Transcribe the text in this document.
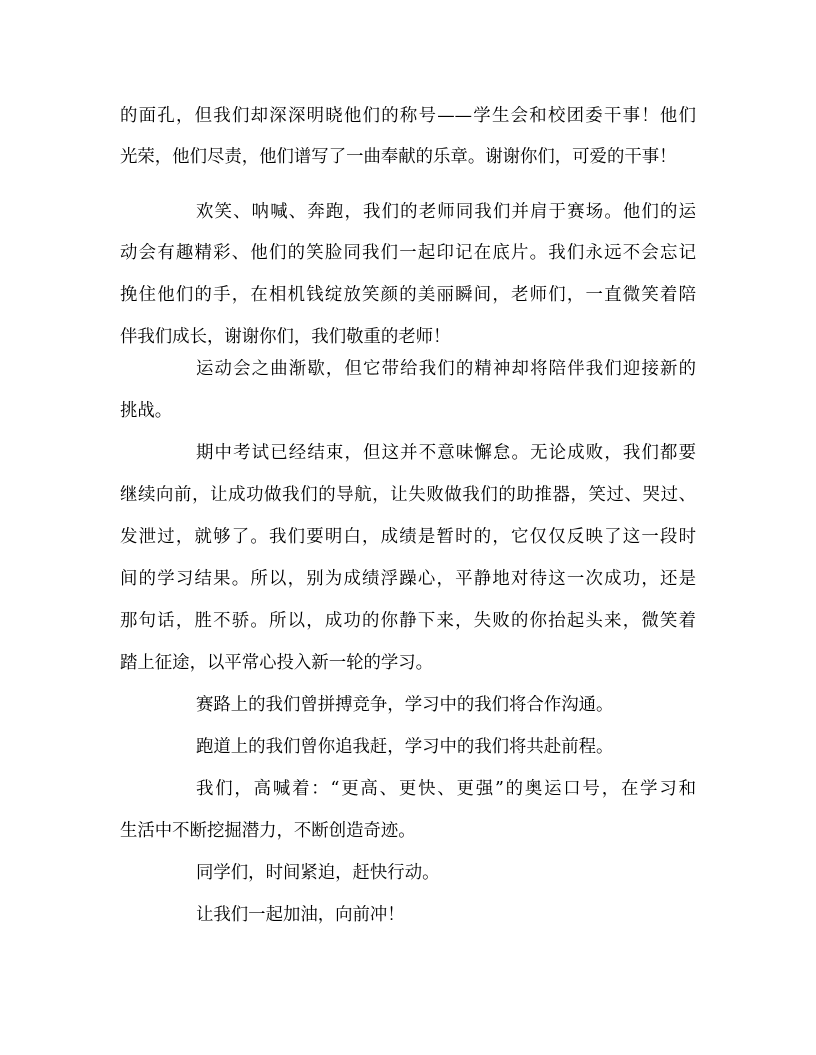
的面孔，但我们却深深明晓他们的称号——学生会和校团委干事！他们
光荣，他们尽责，他们谱写了一曲奉献的乐章。谢谢你们，可爱的干事！
欢笑、呐喊、奔跑，我们的老师同我们并肩于赛场。他们的运
动会有趣精彩、他们的笑脸同我们一起印记在底片。我们永远不会忘记
挽住他们的手，在相机钱绽放笑颜的美丽瞬间，老师们，一直微笑着陪
伴我们成长，谢谢你们，我们敬重的老师！
运动会之曲渐歇，但它带给我们的精神却将陪伴我们迎接新的
挑战。
期中考试已经结束，但这并不意味懈怠。无论成败，我们都要
继续向前，让成功做我们的导航，让失败做我们的助推器，笑过、哭过、
发泄过，就够了。我们要明白，成绩是暂时的，它仅仅反映了这一段时
间的学习结果。所以，别为成绩浮躁心，平静地对待这一次成功，还是
那句话，胜不骄。所以，成功的你静下来，失败的你抬起头来，微笑着
踏上征途，以平常心投入新一轮的学习。
赛路上的我们曾拼搏竞争，学习中的我们将合作沟通。
跑道上的我们曾你追我赶，学习中的我们将共赴前程。
我们，高喊着：“更高、更快、更强”的奥运口号，在学习和
生活中不断挖掘潜力，不断创造奇迹。
同学们，时间紧迫，赶快行动。
让我们一起加油，向前冲！
